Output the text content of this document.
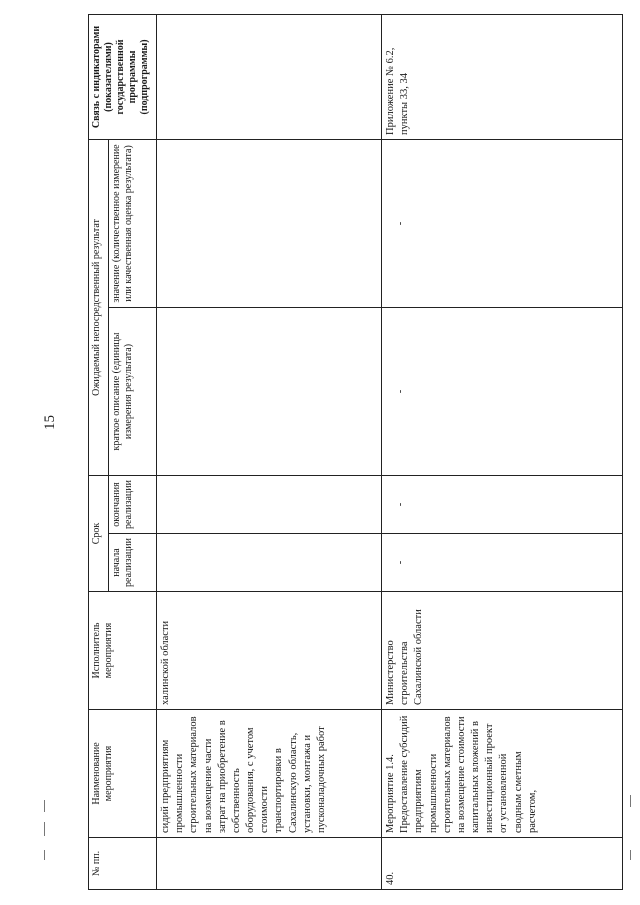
15
№ пп.	Наименование мероприятия	Исполнитель мероприятия	Срок		Ожидаемый непосредственный результат		Связь с индикаторами (показателями) государственной программы (подпрограммы)
			начала реализации	окончания реализации	краткое описание (единицы измерения результата)	значение (количественное измерение или качественная оценка результата)	
	сидий предприятиям промышленности строительных материалов на возмещение части затрат на приобретение в собственность оборудования, с учетом стоимости транспортировки в Сахалинскую область, установки, монтажа и пусконаладочных работ	халинской области					
40.	Мероприятие 1.4. Предоставление субсидий предприятиям промышленности строительных материалов на возмещение стоимости капитальных вложений в инвестиционный проект от установленной сводным сметным расчетом,	Министерство строительства Сахалинской области	-	-	-	-	Приложение № 6.2, пункты 33, 34
